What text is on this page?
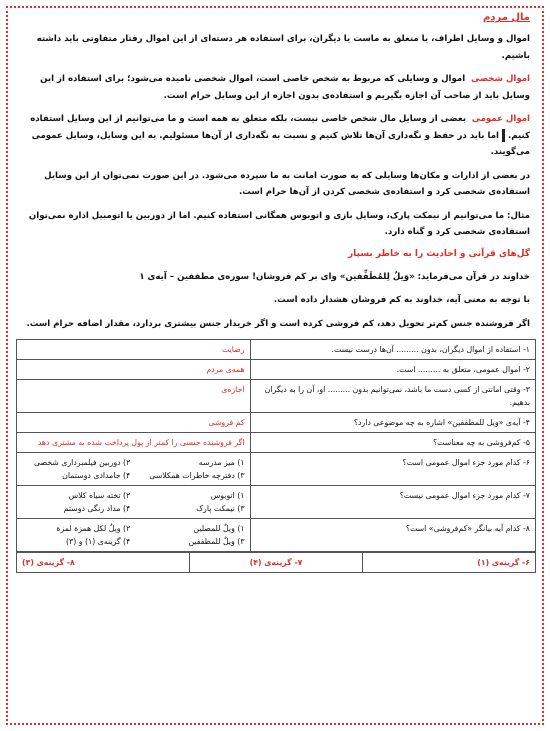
مال مردم
اموال و وسایل اطراف، یا متعلق به ماست یا دیگران، برای استفاده هر دسته‌ای از این اموال رفتار متفاوتی باید داشته باشیم.
اموال شخصی  اموال و وسایلی که مربوط به شخص خاصی است، اموال شخصی نامیده می‌شود؛ برای استفاده از این وسایل باید از صاحب آن اجازه بگیریم و استفاده‌ی بدون اجازه از این وسایل حرام است.
اموال عمومی  بعضی از وسایل مال شخص خاصی نیست، بلکه متعلق به همه است و ما می‌توانیم از این وسایل استفاده کنیم. اما باید در حفظ و نگه‌داری آن‌ها تلاش کنیم و نسبت به نگه‌داری از آن‌ها مسئولیم. به این وسایل، وسایل عمومی می‌گویند.
در بعضی از ادارات و مکان‌ها وسایلی که به صورت امانت به ما سپرده می‌شود. در این صورت نمی‌توان از این وسایل استفاده‌ی شخصی کرد و استفاده‌ی شخصی کردن از آن‌ها حرام است.
مثال: ما می‌توانیم از نیمکت پارک، وسایل بازی و اتوبوس همگانی استفاده کنیم. اما از دوربین یا اتومبیل اداره نمی‌توان استفاده‌ی شخصی کرد و گناه دارد.
گل‌های قرآنی و احادیث را به خاطر بسپار
خداوند در قرآن می‌فرماید: «وَیلٌ لِلمُطَفِّفین» وای بر کم فروشان! سوره‌ی مطففین – آیه‌ی ۱
با توجه به معنی آیه، خداوند به کم فروشان هشدار داده است.
اگر فروشنده جنس کم‌تر تحویل دهد، کم فروشی کرده است و اگر خریدار جنس بیشتری بردارد، مقدار اضافه حرام است.
۱- استفاده از اموال دیگران، بدون ......... آن‌ها درست نیست.	رضایت
۲- اموال عمومی، متعلق به ......... است.	همه‌ی مردم
۳- وقتی امانتی از کسی دست ما باشد، نمی‌توانیم بدون ......... او، آن را به دیگران بدهیم.	اجازه‌ی
۴- آیه‌ی «ویل للمطففین» اشاره به چه موضوعی دارد؟	کم فروشی
۵- کم‌فروشی به چه معناست؟	اگر فروشنده جنسی را کمتر از پول پرداخت شده به مشتری دهد
۶- کدام مورد جزء اموال عمومی است؟	۱) میز مدرسه
۲) دوربین فیلمبرداری شخصی
۳) دفترچه خاطرات همکلاسی
۴) جامدادی دوستمان

۷- کدام مورد جزء اموال عمومی نیست؟	۱) اتوبوس
۲) تخته سیاه کلاس
۳) نیمکت پارک
۴) مداد رنگی دوستم

۸- کدام آیه بیانگر «کم‌فروشی» است؟	۱) ویلٌ للمصلین
۲) ویلٌ لکل همزة لمزة
۳) ویلٌ للمطففین
۴) گزینه‌ی (۱) و (۳)
۶- گزینه‌ی (۱)	۷- گزینه‌ی (۴)	۸- گزینه‌ی (۳)
